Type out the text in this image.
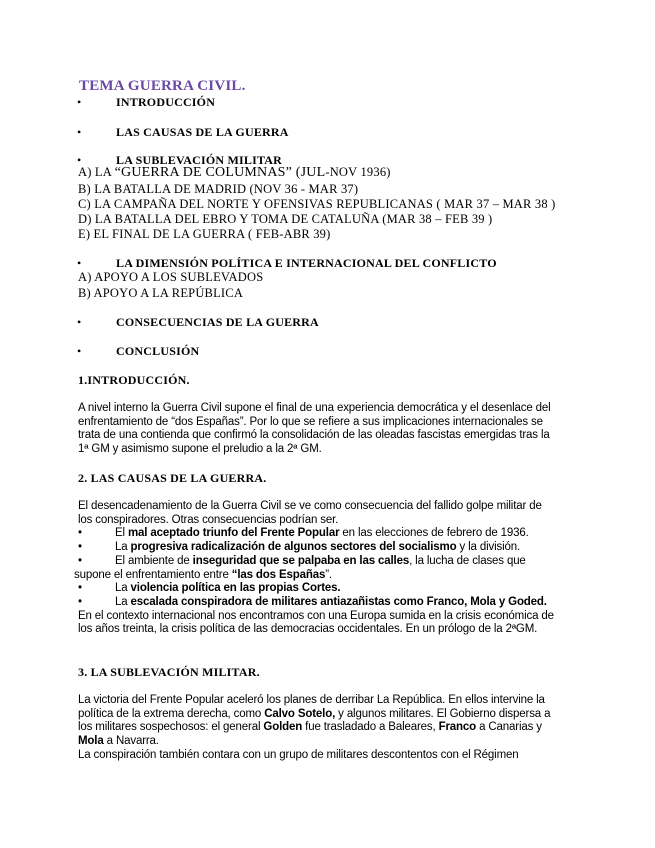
TEMA GUERRA CIVIL.
•	INTRODUCCIÓN
•	LAS CAUSAS DE LA GUERRA
•	LA SUBLEVACIÓN MILITAR
A) LA “GUERRA DE COLUMNAS” (JUL-NOV 1936)
B) LA BATALLA DE MADRID (NOV 36 - MAR 37)
C) LA CAMPAÑA DEL NORTE Y OFENSIVAS REPUBLICANAS ( MAR 37 – MAR 38 )
D) LA BATALLA DEL EBRO Y TOMA DE CATALUÑA (MAR 38 – FEB 39 )
E) EL FINAL DE LA GUERRA ( FEB-ABR 39)
•	LA DIMENSIÓN POLÍTICA E INTERNACIONAL DEL CONFLICTO
A) APOYO A LOS SUBLEVADOS
B) APOYO A LA REPÚBLICA
•	CONSECUENCIAS DE LA GUERRA
•	CONCLUSIÓN
1.INTRODUCCIÓN.
A nivel interno la Guerra Civil supone el final de una experiencia democrática y el desenlace del enfrentamiento de “dos Españas”. Por lo que se refiere a sus implicaciones internacionales se trata de una contienda que confirmó la consolidación de las oleadas fascistas emergidas tras la 1ª GM y asimismo supone el preludio a la 2ª GM.
2. LAS CAUSAS DE LA GUERRA.

El desencadenamiento de la Guerra Civil se ve como consecuencia del fallido golpe militar de los conspiradores. Otras consecuencias podrían ser.

•	El mal aceptado triunfo del Frente Popular en las elecciones de febrero de 1936.
•	La progresiva radicalización de algunos sectores del socialismo y la división.
•	El ambiente de inseguridad que se palpaba en las calles, la lucha de clases que

supone el enfrentamiento entre “las dos Españas”.

•	La violencia política en las propias Cortes.
•	La escalada conspiradora de militares antiazañistas como Franco, Mola y Goded.

En el contexto internacional nos encontramos con una Europa sumida en la crisis económica de los años treinta, la crisis política de las democracias occidentales. En un prólogo de la 2ªGM.

3. LA SUBLEVACIÓN MILITAR.

La victoria del Frente Popular aceleró los planes de derribar La República. En ellos intervine la política de la extrema derecha, como Calvo Sotelo, y algunos militares. El Gobierno dispersa a los militares sospechosos: el general Golden fue trasladado a Baleares, Franco a Canarias y Mola a Navarra.

La conspiración también contara con un grupo de militares descontentos con el Régimen
